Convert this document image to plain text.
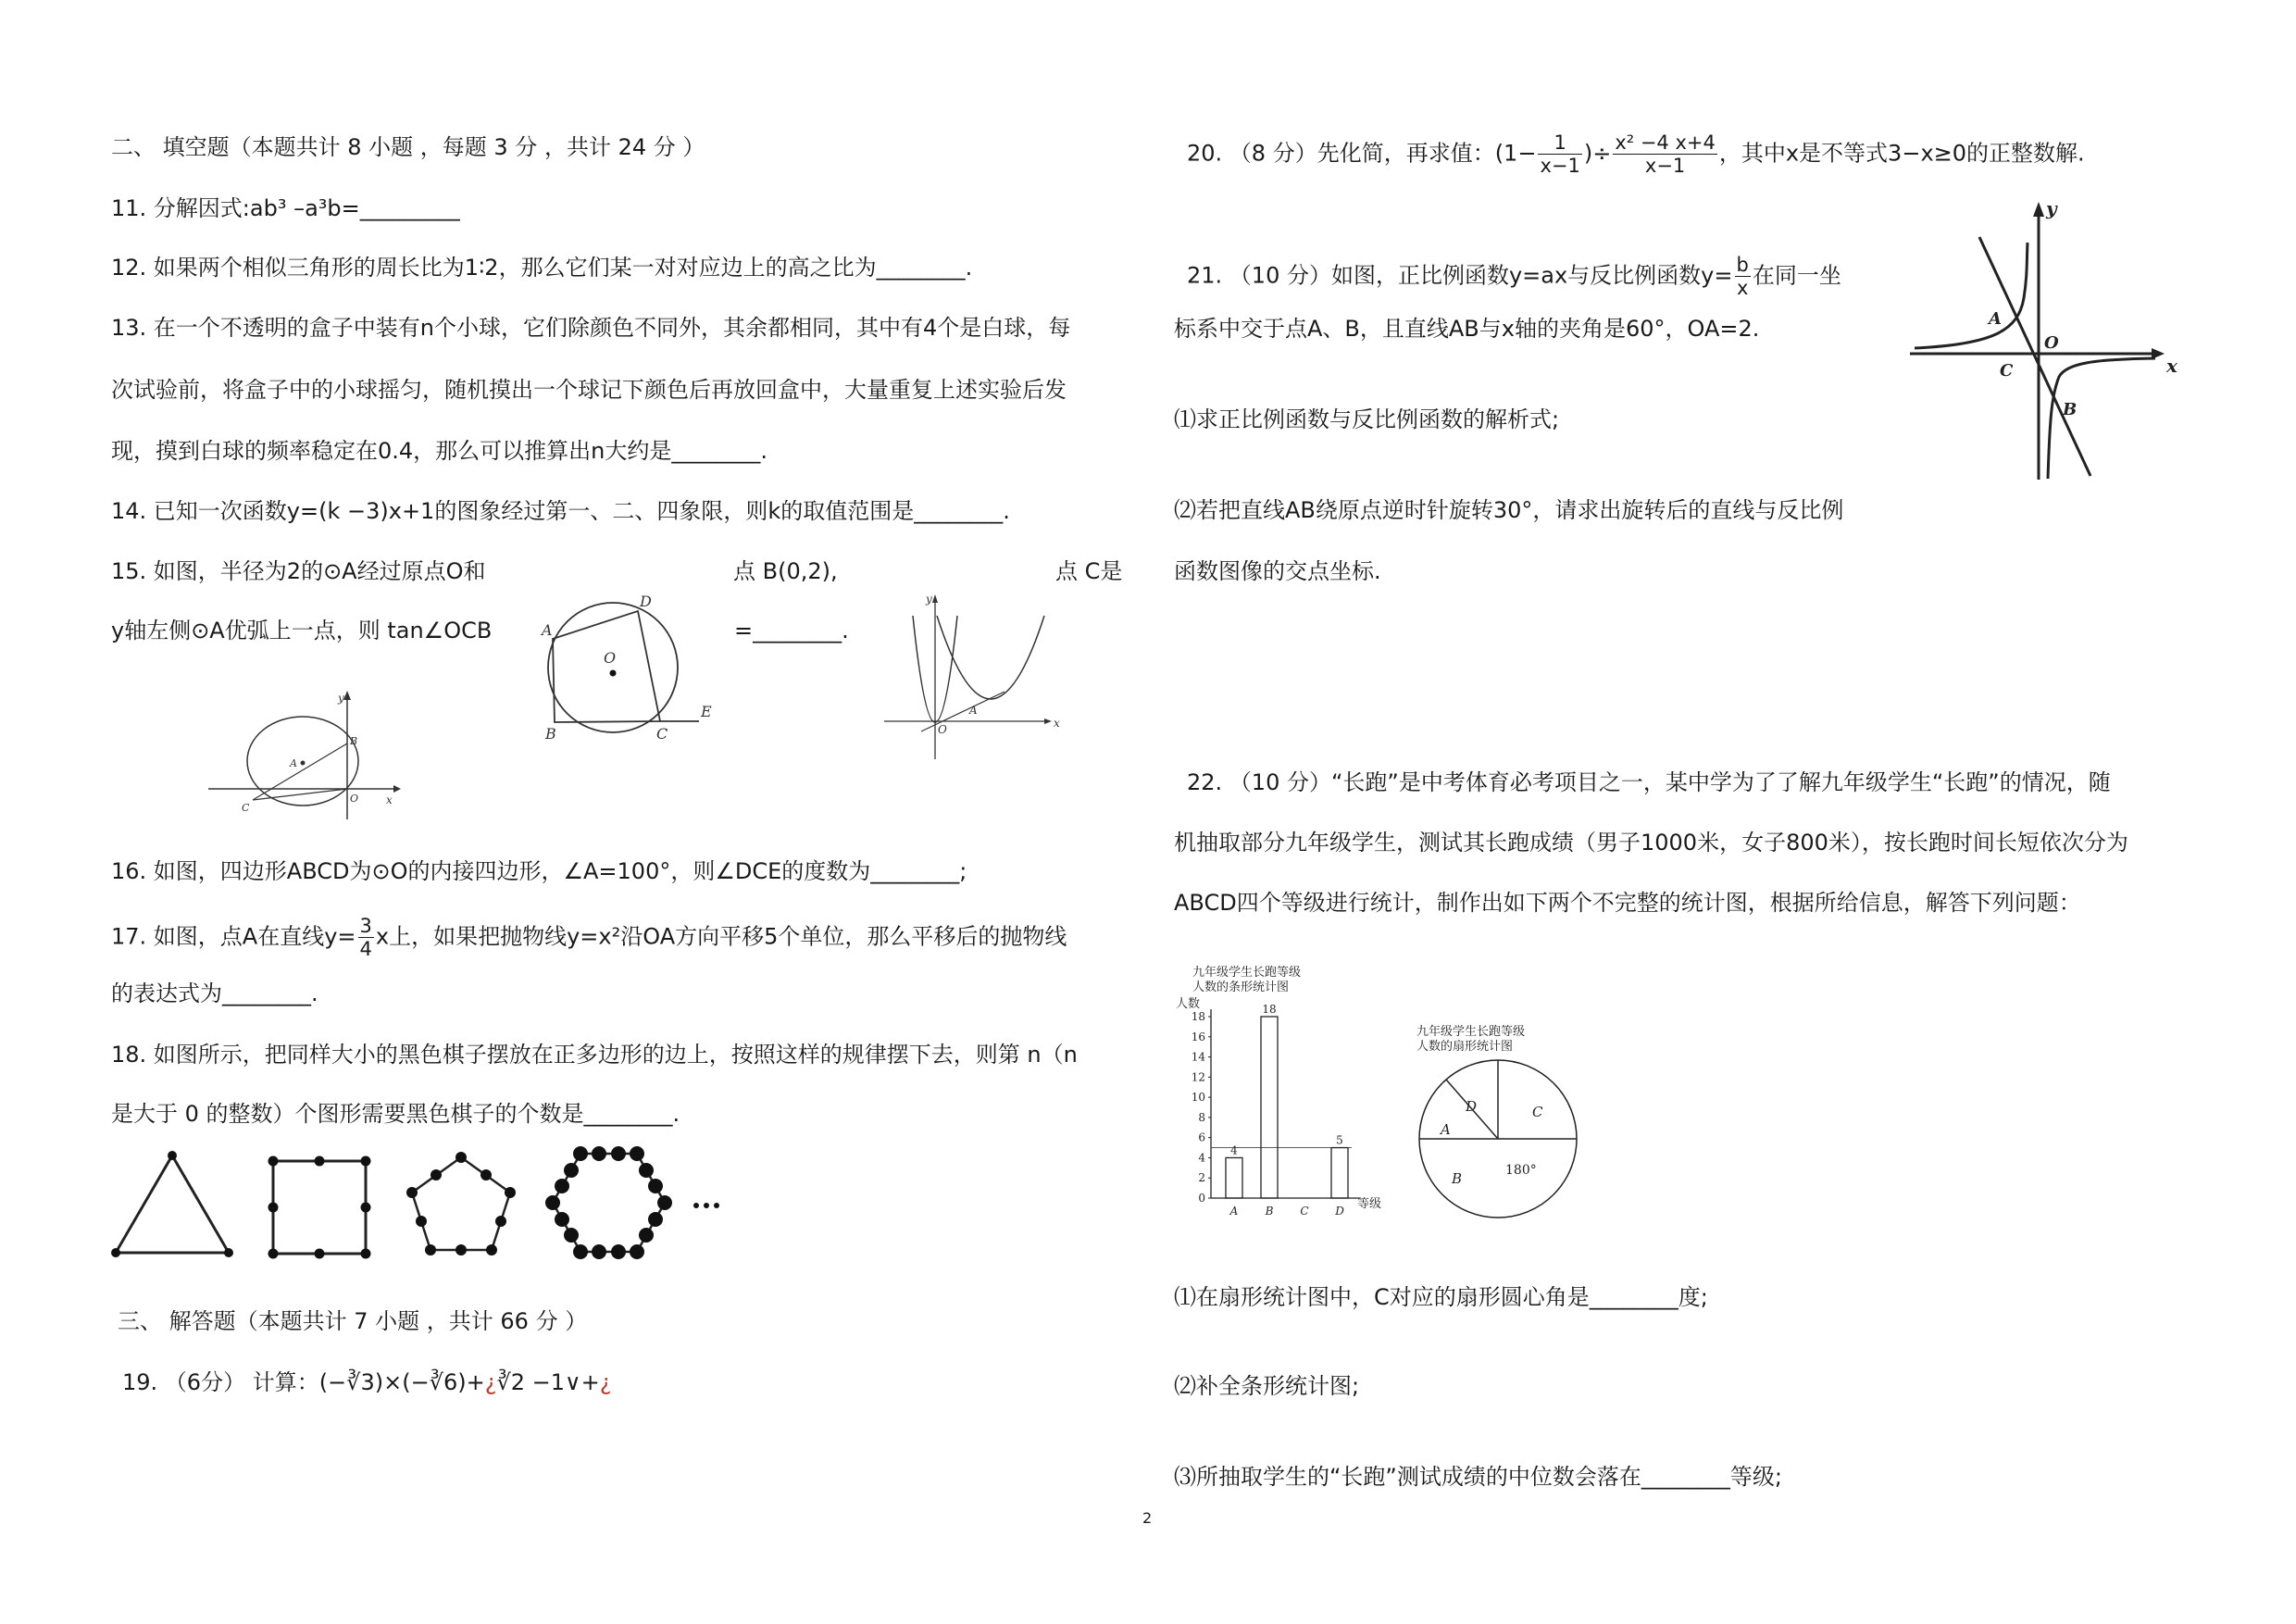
二、 填空题（本题共计 8 小题 ，每题 3 分 ，共计 24 分 ）
11. 分解因式:ab³ –a³b=_________
12. 如果两个相似三角形的周长比为1∶2，那么它们某一对对应边上的高之比为________.
13. 在一个不透明的盒子中装有n个小球，它们除颜色不同外，其余都相同，其中有4个是白球，每
次试验前，将盒子中的小球摇匀，随机摸出一个球记下颜色后再放回盒中，大量重复上述实验后发
现，摸到白球的频率稳定在0.4，那么可以推算出n大约是________.
14. 已知一次函数y=(k −3)x+1的图象经过第一、二、四象限，则k的取值范围是________.
15. 如图，半径为2的⊙A经过原点O和	点 B(0,2),	点 C是
y轴左侧⊙A优弧上一点，则 tan∠OCB	=________.
y
x
B
A
O
C
A
D
O
B	C
E
y
x
A
O
16. 如图，四边形ABCD为⊙O的内接四边形，∠A=100°，则∠DCE的度数为________;
17. 如图，点A在直线$y= \frac{3}{4}$ x上，如果把抛物线y=x²沿OA方向平移5个单位，那么平移后的抛物线
的表达式为________.
18. 如图所示，把同样大小的黑色棋子摆放在正多边形的边上，按照这样的规律摆下去，则第 n（n
是大于 0 的整数）个图形需要黑色棋子的个数是________.
三、 解答题（本题共计 7 小题 ，共计 66 分 ）
19. （6分） 计算：(−∛3)×(−∛6)+¿∛2 −1∨+¿
20. （8 分）先化简，再求值：($1- \frac{1}{x-1}$ )÷ $\frac{\text{x² −4 x+4}}{x-1}$ ，其中x是不等式3−x≥0的正整数解.
21. （10 分）如图，正比例函数y=ax与反比例函数$y= \frac{b}{x}$ 在同一坐
标系中交于点A、B，且直线AB与x轴的夹角是60°，OA=2.
⑴求正比例函数与反比例函数的解析式;
⑵若把直线AB绕原点逆时针旋转30°，请求出旋转后的直线与反比例
函数图像的交点坐标.
y
x
A
O
C
B
22. （10 分）“长跑”是中考体育必考项目之一，某中学为了了解九年级学生“长跑”的情况，随
机抽取部分九年级学生，测试其长跑成绩（男子1000米，女子800米），按长跑时间长短依次分为
ABCD四个等级进行统计，制作出如下两个不完整的统计图，根据所给信息，解答下列问题：
九年级学生长跑等级
人数的条形统计图
人数
0
2
4
6
8
10
12
14
16
18
A B C D
4
18
5
等级
九年级学生长跑等级
人数的扇形统计图
A
D	C
B	180°
⑴在扇形统计图中，C对应的扇形圆心角是________度;
⑵补全条形统计图;
⑶所抽取学生的“长跑”测试成绩的中位数会落在________等级;
2
